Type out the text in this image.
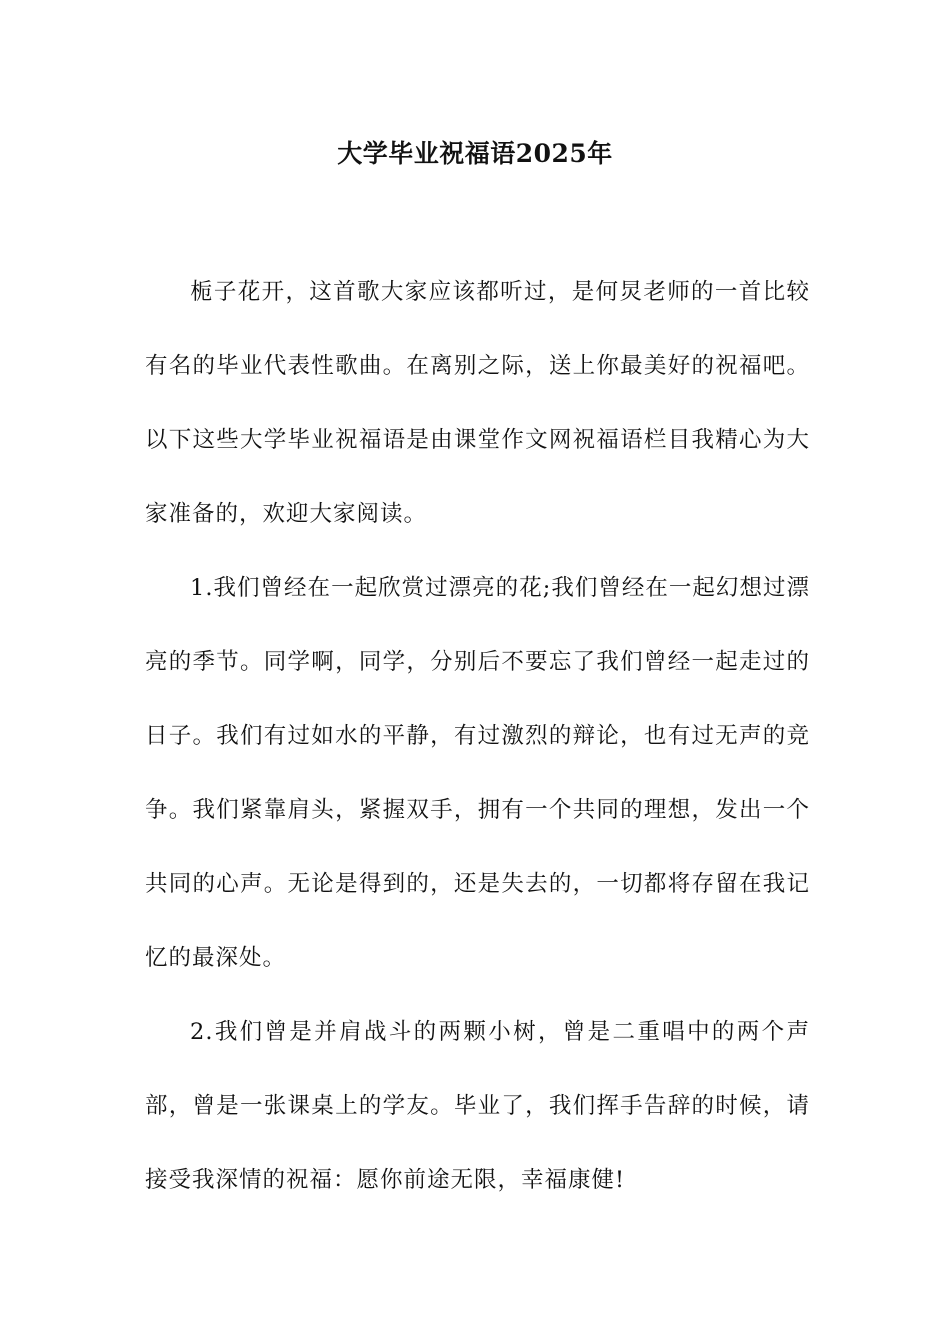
大学毕业祝福语2025年

栀子花开，这首歌大家应该都听过，是何炅老师的一首比较有名的毕业代表性歌曲。在离别之际，送上你最美好的祝福吧。以下这些大学毕业祝福语是由课堂作文网祝福语栏目我精心为大家准备的，欢迎大家阅读。

1.我们曾经在一起欣赏过漂亮的花;我们曾经在一起幻想过漂亮的季节。同学啊，同学，分别后不要忘了我们曾经一起走过的日子。我们有过如水的平静，有过激烈的辩论，也有过无声的竞争。我们紧靠肩头，紧握双手，拥有一个共同的理想，发出一个共同的心声。无论是得到的，还是失去的，一切都将存留在我记忆的最深处。

2.我们曾是并肩战斗的两颗小树，曾是二重唱中的两个声部，曾是一张课桌上的学友。毕业了，我们挥手告辞的时候，请接受我深情的祝福：愿你前途无限，幸福康健!
